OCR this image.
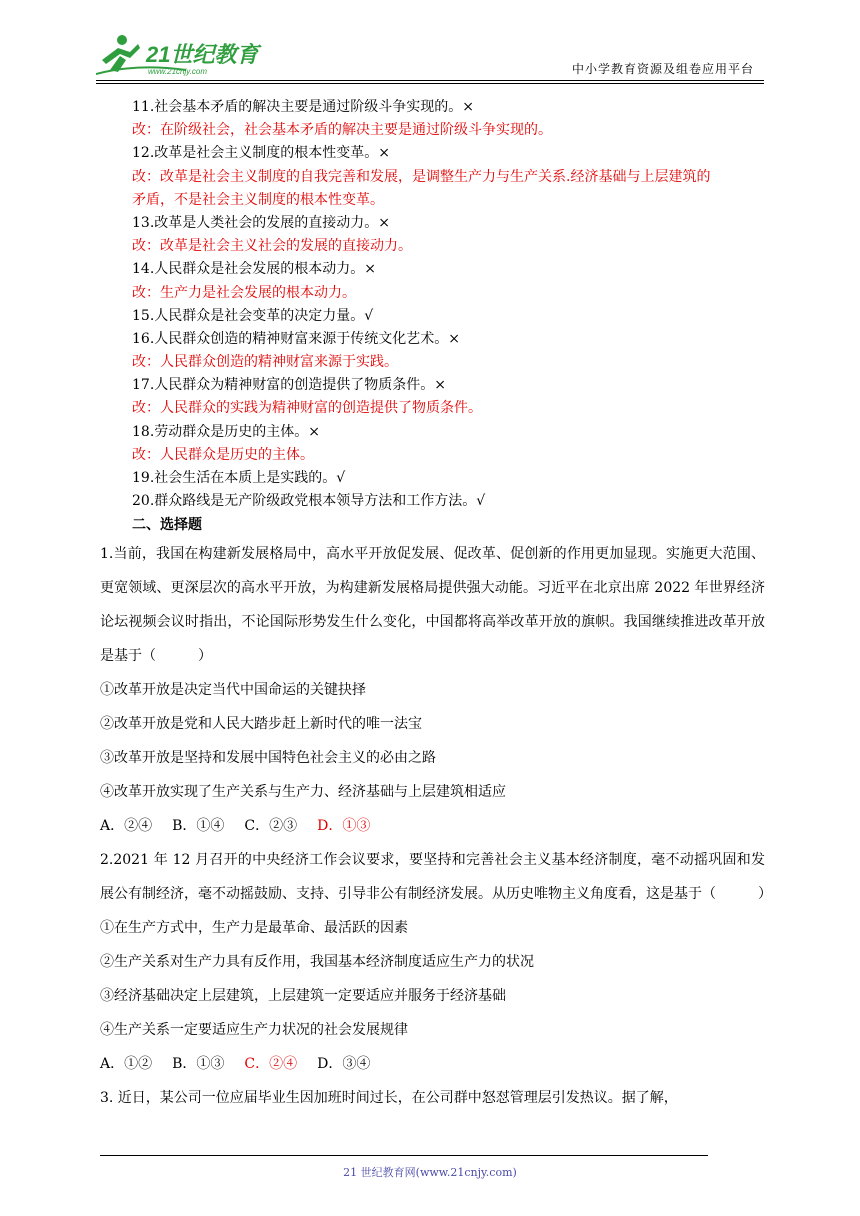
21世纪教育
www.21cnjy.com	中小学教育资源及组卷应用平台
11.社会基本矛盾的解决主要是通过阶级斗争实现的。×
改：在阶级社会，社会基本矛盾的解决主要是通过阶级斗争实现的。
12.改革是社会主义制度的根本性变革。×
改：改革是社会主义制度的自我完善和发展，是调整生产力与生产关系.经济基础与上层建筑的
矛盾，不是社会主义制度的根本性变革。
13.改革是人类社会的发展的直接动力。×
改：改革是社会主义社会的发展的直接动力。
14.人民群众是社会发展的根本动力。×
改：生产力是社会发展的根本动力。
15.人民群众是社会变革的决定力量。√
16.人民群众创造的精神财富来源于传统文化艺术。×
改：人民群众创造的精神财富来源于实践。
17.人民群众为精神财富的创造提供了物质条件。×
改：人民群众的实践为精神财富的创造提供了物质条件。
18.劳动群众是历史的主体。×
改：人民群众是历史的主体。
19.社会生活在本质上是实践的。√
20.群众路线是无产阶级政党根本领导方法和工作方法。√
二、选择题
1.当前，我国在构建新发展格局中，高水平开放促发展、促改革、促创新的作用更加显现。实施更大范围、更宽领域、更深层次的高水平开放，为构建新发展格局提供强大动能。习近平在北京出席 2022 年世界经济论坛视频会议时指出，不论国际形势发生什么变化，中国都将高举改革开放的旗帜。我国继续推进改革开放是基于（　　　）
①改革开放是决定当代中国命运的关键抉择
②改革开放是党和人民大踏步赶上新时代的唯一法宝
③改革开放是坚持和发展中国特色社会主义的必由之路
④改革开放实现了生产关系与生产力、经济基础与上层建筑相适应
A．②④ B．①④ C．②③ D．①③
2.2021 年 12 月召开的中央经济工作会议要求，要坚持和完善社会主义基本经济制度，毫不动摇巩固和发展公有制经济，毫不动摇鼓励、支持、引导非公有制经济发展。从历史唯物主义角度看，这是基于（　　　）
①在生产方式中，生产力是最革命、最活跃的因素
②生产关系对生产力具有反作用，我国基本经济制度适应生产力的状况
③经济基础决定上层建筑，上层建筑一定要适应并服务于经济基础
④生产关系一定要适应生产力状况的社会发展规律
A．①② B．①③ C．②④ D．③④
3. 近日，某公司一位应届毕业生因加班时间过长，在公司群中怒怼管理层引发热议。据了解，
21 世纪教育网(www.21cnjy.com)
